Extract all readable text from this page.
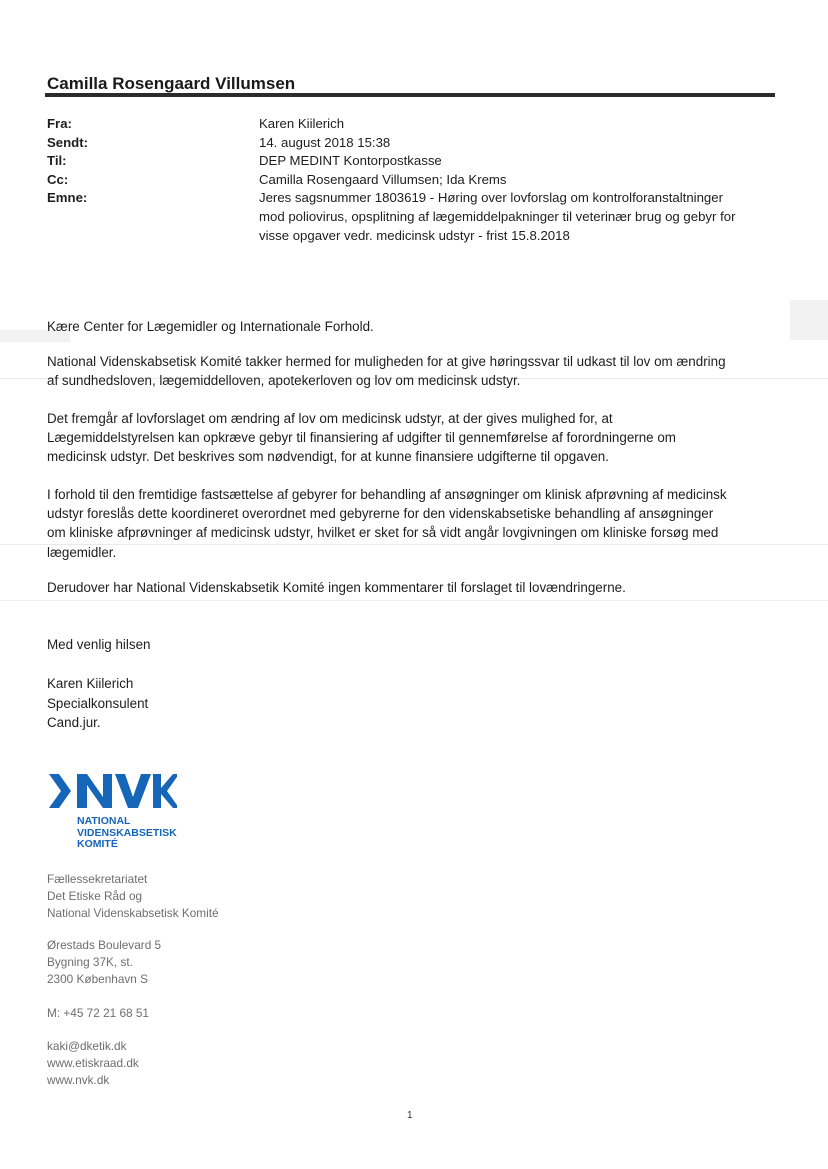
Camilla Rosengaard Villumsen
Fra:	Karen Kiilerich
Sendt:	14. august 2018 15:38
Til:	DEP MEDINT Kontorpostkasse
Cc:	Camilla Rosengaard Villumsen; Ida Krems
Emne:	Jeres sagsnummer 1803619 - Høring over lovforslag om kontrolforanstaltninger
mod poliovirus, opsplitning af lægemiddelpakninger til veterinær brug og gebyr for
visse opgaver vedr. medicinsk udstyr - frist 15.8.2018
Kære Center for Lægemidler og Internationale Forhold.
National Videnskabsetisk Komité takker hermed for muligheden for at give høringssvar til udkast til lov om ændring
af sundhedsloven, lægemiddelloven, apotekerloven og lov om medicinsk udstyr.
Det fremgår af lovforslaget om ændring af lov om medicinsk udstyr, at der gives mulighed for, at
Lægemiddelstyrelsen kan opkræve gebyr til finansiering af udgifter til gennemførelse af forordningerne om
medicinsk udstyr. Det beskrives som nødvendigt, for at kunne finansiere udgifterne til opgaven.
I forhold til den fremtidige fastsættelse af gebyrer for behandling af ansøgninger om klinisk afprøvning af medicinsk
udstyr foreslås dette koordineret overordnet med gebyrerne for den videnskabsetiske behandling af ansøgninger
om kliniske afprøvninger af medicinsk udstyr, hvilket er sket for så vidt angår lovgivningen om kliniske forsøg med
lægemidler.
Derudover har National Videnskabsetik Komité ingen kommentarer til forslaget til lovændringerne.
Med venlig hilsen
Karen Kiilerich
Specialkonsulent
Cand.jur.
NATIONAL
VIDENSKABSETISK
KOMITÉ
Fællessekretariatet
Det Etiske Råd og
National Videnskabsetisk Komité
Ørestads Boulevard 5
Bygning 37K, st.
2300 København S
M: +45 72 21 68 51
kaki@dketik.dk
www.etiskraad.dk
www.nvk.dk
1
